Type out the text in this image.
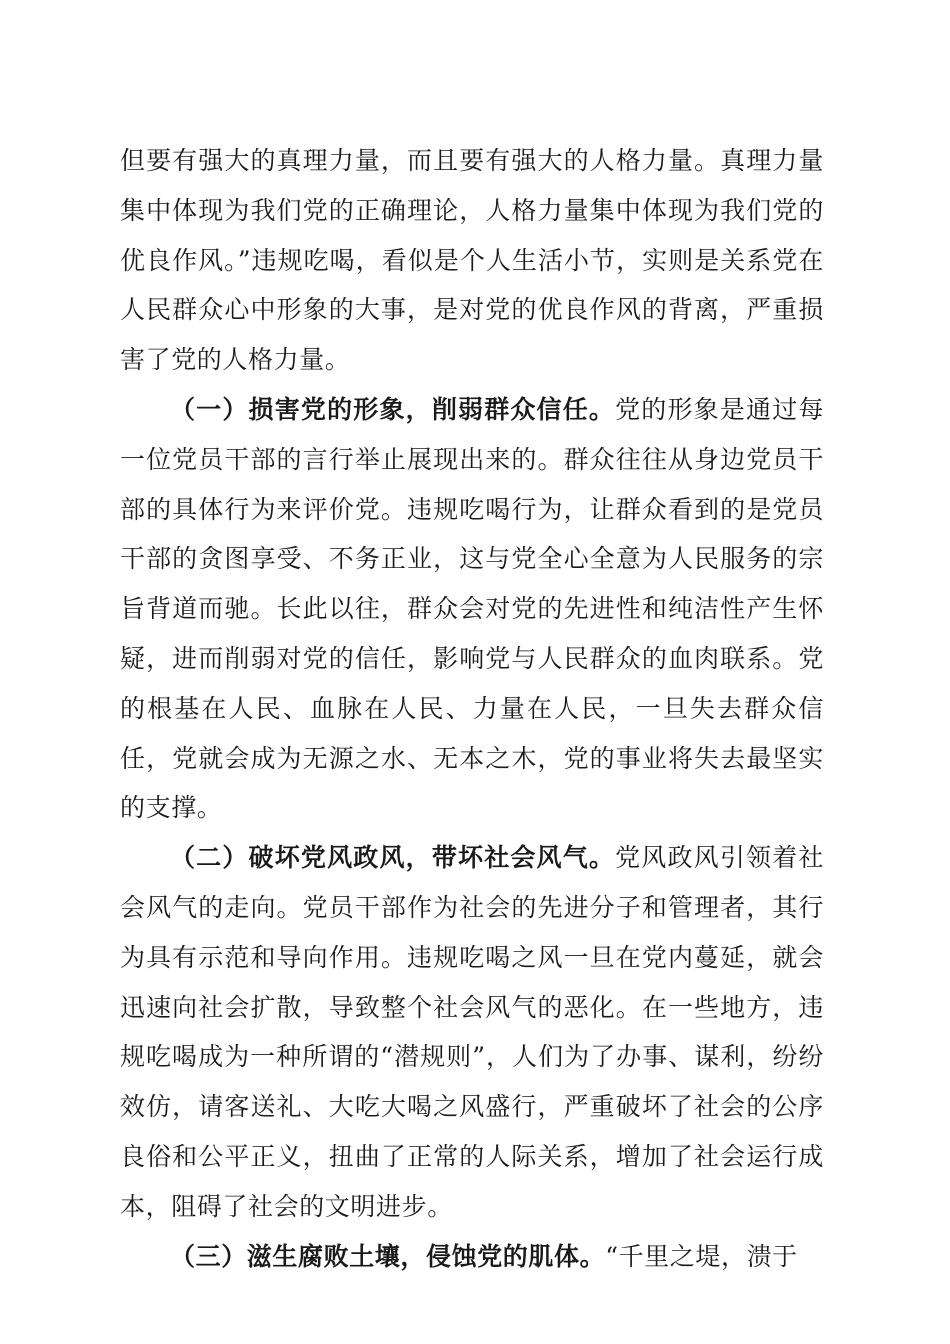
但要有强大的真理力量，而且要有强大的人格力量。真理力量集中体现为我们党的正确理论，人格力量集中体现为我们党的优良作风。”违规吃喝，看似是个人生活小节，实则是关系党在人民群众心中形象的大事，是对党的优良作风的背离，严重损害了党的人格力量。

（一）损害党的形象，削弱群众信任。党的形象是通过每一位党员干部的言行举止展现出来的。群众往往从身边党员干部的具体行为来评价党。违规吃喝行为，让群众看到的是党员干部的贪图享受、不务正业，这与党全心全意为人民服务的宗旨背道而驰。长此以往，群众会对党的先进性和纯洁性产生怀疑，进而削弱对党的信任，影响党与人民群众的血肉联系。党的根基在人民、血脉在人民、力量在人民，一旦失去群众信任，党就会成为无源之水、无本之木，党的事业将失去最坚实的支撑。

（二）破坏党风政风，带坏社会风气。党风政风引领着社会风气的走向。党员干部作为社会的先进分子和管理者，其行为具有示范和导向作用。违规吃喝之风一旦在党内蔓延，就会迅速向社会扩散，导致整个社会风气的恶化。在一些地方，违规吃喝成为一种所谓的“潜规则”，人们为了办事、谋利，纷纷效仿，请客送礼、大吃大喝之风盛行，严重破坏了社会的公序良俗和公平正义，扭曲了正常的人际关系，增加了社会运行成本，阻碍了社会的文明进步。

（三）滋生腐败土壤，侵蚀党的肌体。“千里之堤，溃于
